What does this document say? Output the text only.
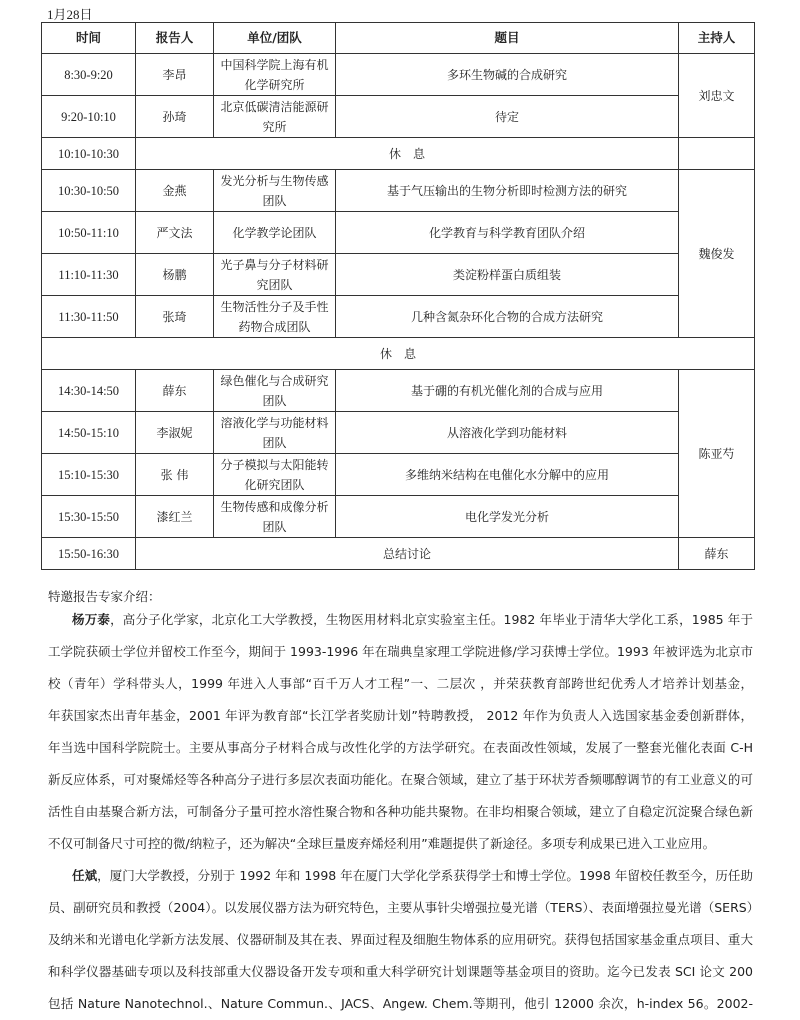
1月28日
时间	报告人	单位/团队	题目	主持人
8:30-9:20	李昂	中国科学院上海有机化学研究所	多环生物碱的合成研究	刘忠文
9:20-10:10	孙琦	北京低碳清洁能源研究所	待定	
10:10-10:30	休　息			
10:30-10:50	金燕	发光分析与生物传感团队	基于气压输出的生物分析即时检测方法的研究	魏俊发
10:50-11:10	严文法	化学教学论团队	化学教育与科学教育团队介绍	
11:10-11:30	杨鹏	光子鼻与分子材料研究团队	类淀粉样蛋白质组装	
11:30-11:50	张琦	生物活性分子及手性药物合成团队	几种含氮杂环化合物的合成方法研究	
休　息				
14:30-14:50	薛东	绿色催化与合成研究团队	基于硼的有机光催化剂的合成与应用	陈亚芍
14:50-15:10	李淑妮	溶液化学与功能材料团队	从溶液化学到功能材料	
15:10-15:30	张 伟	分子模拟与太阳能转化研究团队	多维纳米结构在电催化水分解中的应用	
15:30-15:50	漆红兰	生物传感和成像分析团队	电化学发光分析	
15:50-16:30	总结讨论			薛东
特邀报告专家介绍：
杨万泰，高分子化学家，北京化工大学教授，生物医用材料北京实验室主任。1982 年毕业于清华大学化工系，1985 年于
工学院获硕士学位并留校工作至今，期间于 1993-1996 年在瑞典皇家理工学院进修/学习获博士学位。1993 年被评选为北京市
校（青年）学科带头人，1999 年进入人事部“百千万人才工程”一、二层次 ，并荣获教育部跨世纪优秀人才培养计划基金，
年获国家杰出青年基金，2001 年评为教育部“长江学者奖励计划”特聘教授， 2012 年作为负责人入选国家基金委创新群体，
年当选中国科学院院士。主要从事高分子材料合成与改性化学的方法学研究。在表面改性领域，发展了一整套光催化表面 C-H
新反应体系，可对聚烯烃等各种高分子进行多层次表面功能化。在聚合领域，建立了基于环状芳香频哪醇调节的有工业意义的可
活性自由基聚合新方法，可制备分子量可控水溶性聚合物和各种功能共聚物。在非均相聚合领域，建立了自稳定沉淀聚合绿色新
不仅可制备尺寸可控的微/纳粒子，还为解决“全球巨量废弃烯烃利用”难题提供了新途径。多项专利成果已进入工业应用。
任斌，厦门大学教授，分别于 1992 年和 1998 年在厦门大学化学系获得学士和博士学位。1998 年留校任教至今，历任助
员、副研究员和教授（2004）。以发展仪器方法为研究特色，主要从事针尖增强拉曼光谱（TERS）、表面增强拉曼光谱（SERS）
及纳米和光谱电化学新方法发展、仪器研制及其在表、界面过程及细胞生物体系的应用研究。获得包括国家基金重点项目、重大
和科学仪器基础专项以及科技部重大仪器设备开发专项和重大科学研究计划课题等基金项目的资助。迄今已发表 SCI 论文 200
包括 Nature Nanotechnol.、Nature Commun.、JACS、Angew. Chem.等期刊，他引 12000 余次，h-index 56。2002-
